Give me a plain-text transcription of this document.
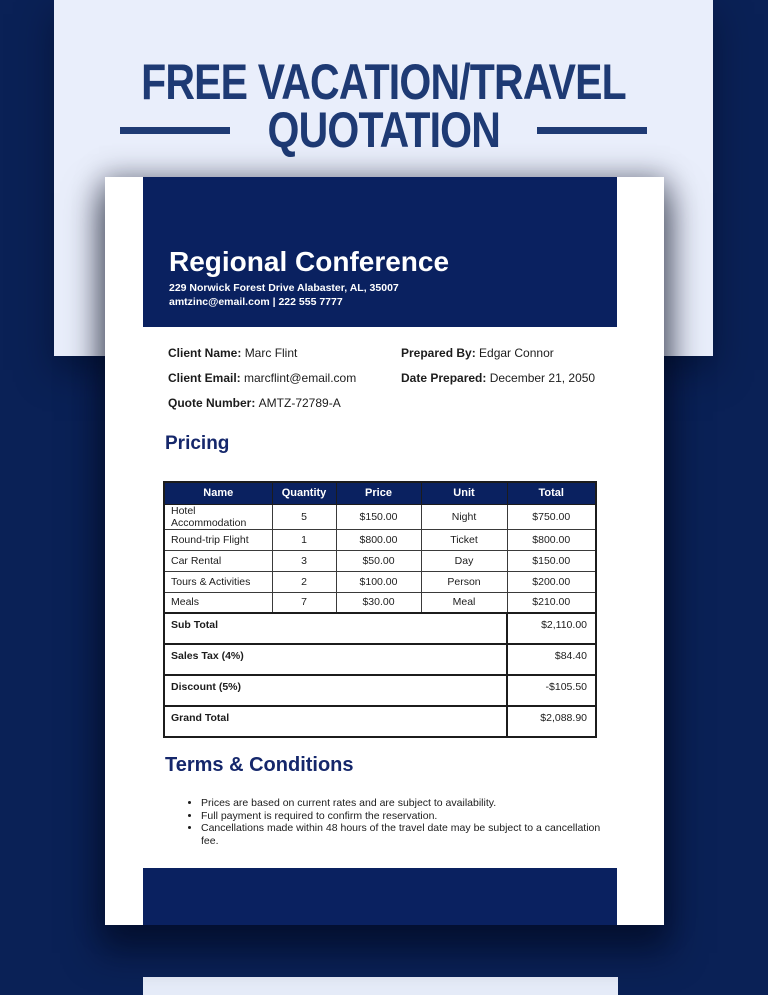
FREE VACATION/TRAVEL
QUOTATION
Regional Conference
229 Norwick Forest Drive Alabaster, AL, 35007
amtzinc@email.com | 222 555 7777
Client Name: Marc Flint
Client Email: marcflint@email.com
Quote Number: AMTZ-72789-A
Prepared By: Edgar Connor
Date Prepared: December 21, 2050
Pricing
Name	Quantity	Price	Unit	Total
Hotel Accommodation	5	$150.00	Night	$750.00
Round-trip Flight	1	$800.00	Ticket	$800.00
Car Rental	3	$50.00	Day	$150.00
Tours & Activities	2	$100.00	Person	$200.00
Meals	7	$30.00	Meal	$210.00
Sub Total				$2,110.00
Sales Tax (4%)				$84.40
Discount (5%)				-$105.50
Grand Total				$2,088.90
Terms & Conditions
• Prices are based on current rates and are subject to availability.
• Full payment is required to confirm the reservation.
• Cancellations made within 48 hours of the travel date may be subject to a cancellation fee.
